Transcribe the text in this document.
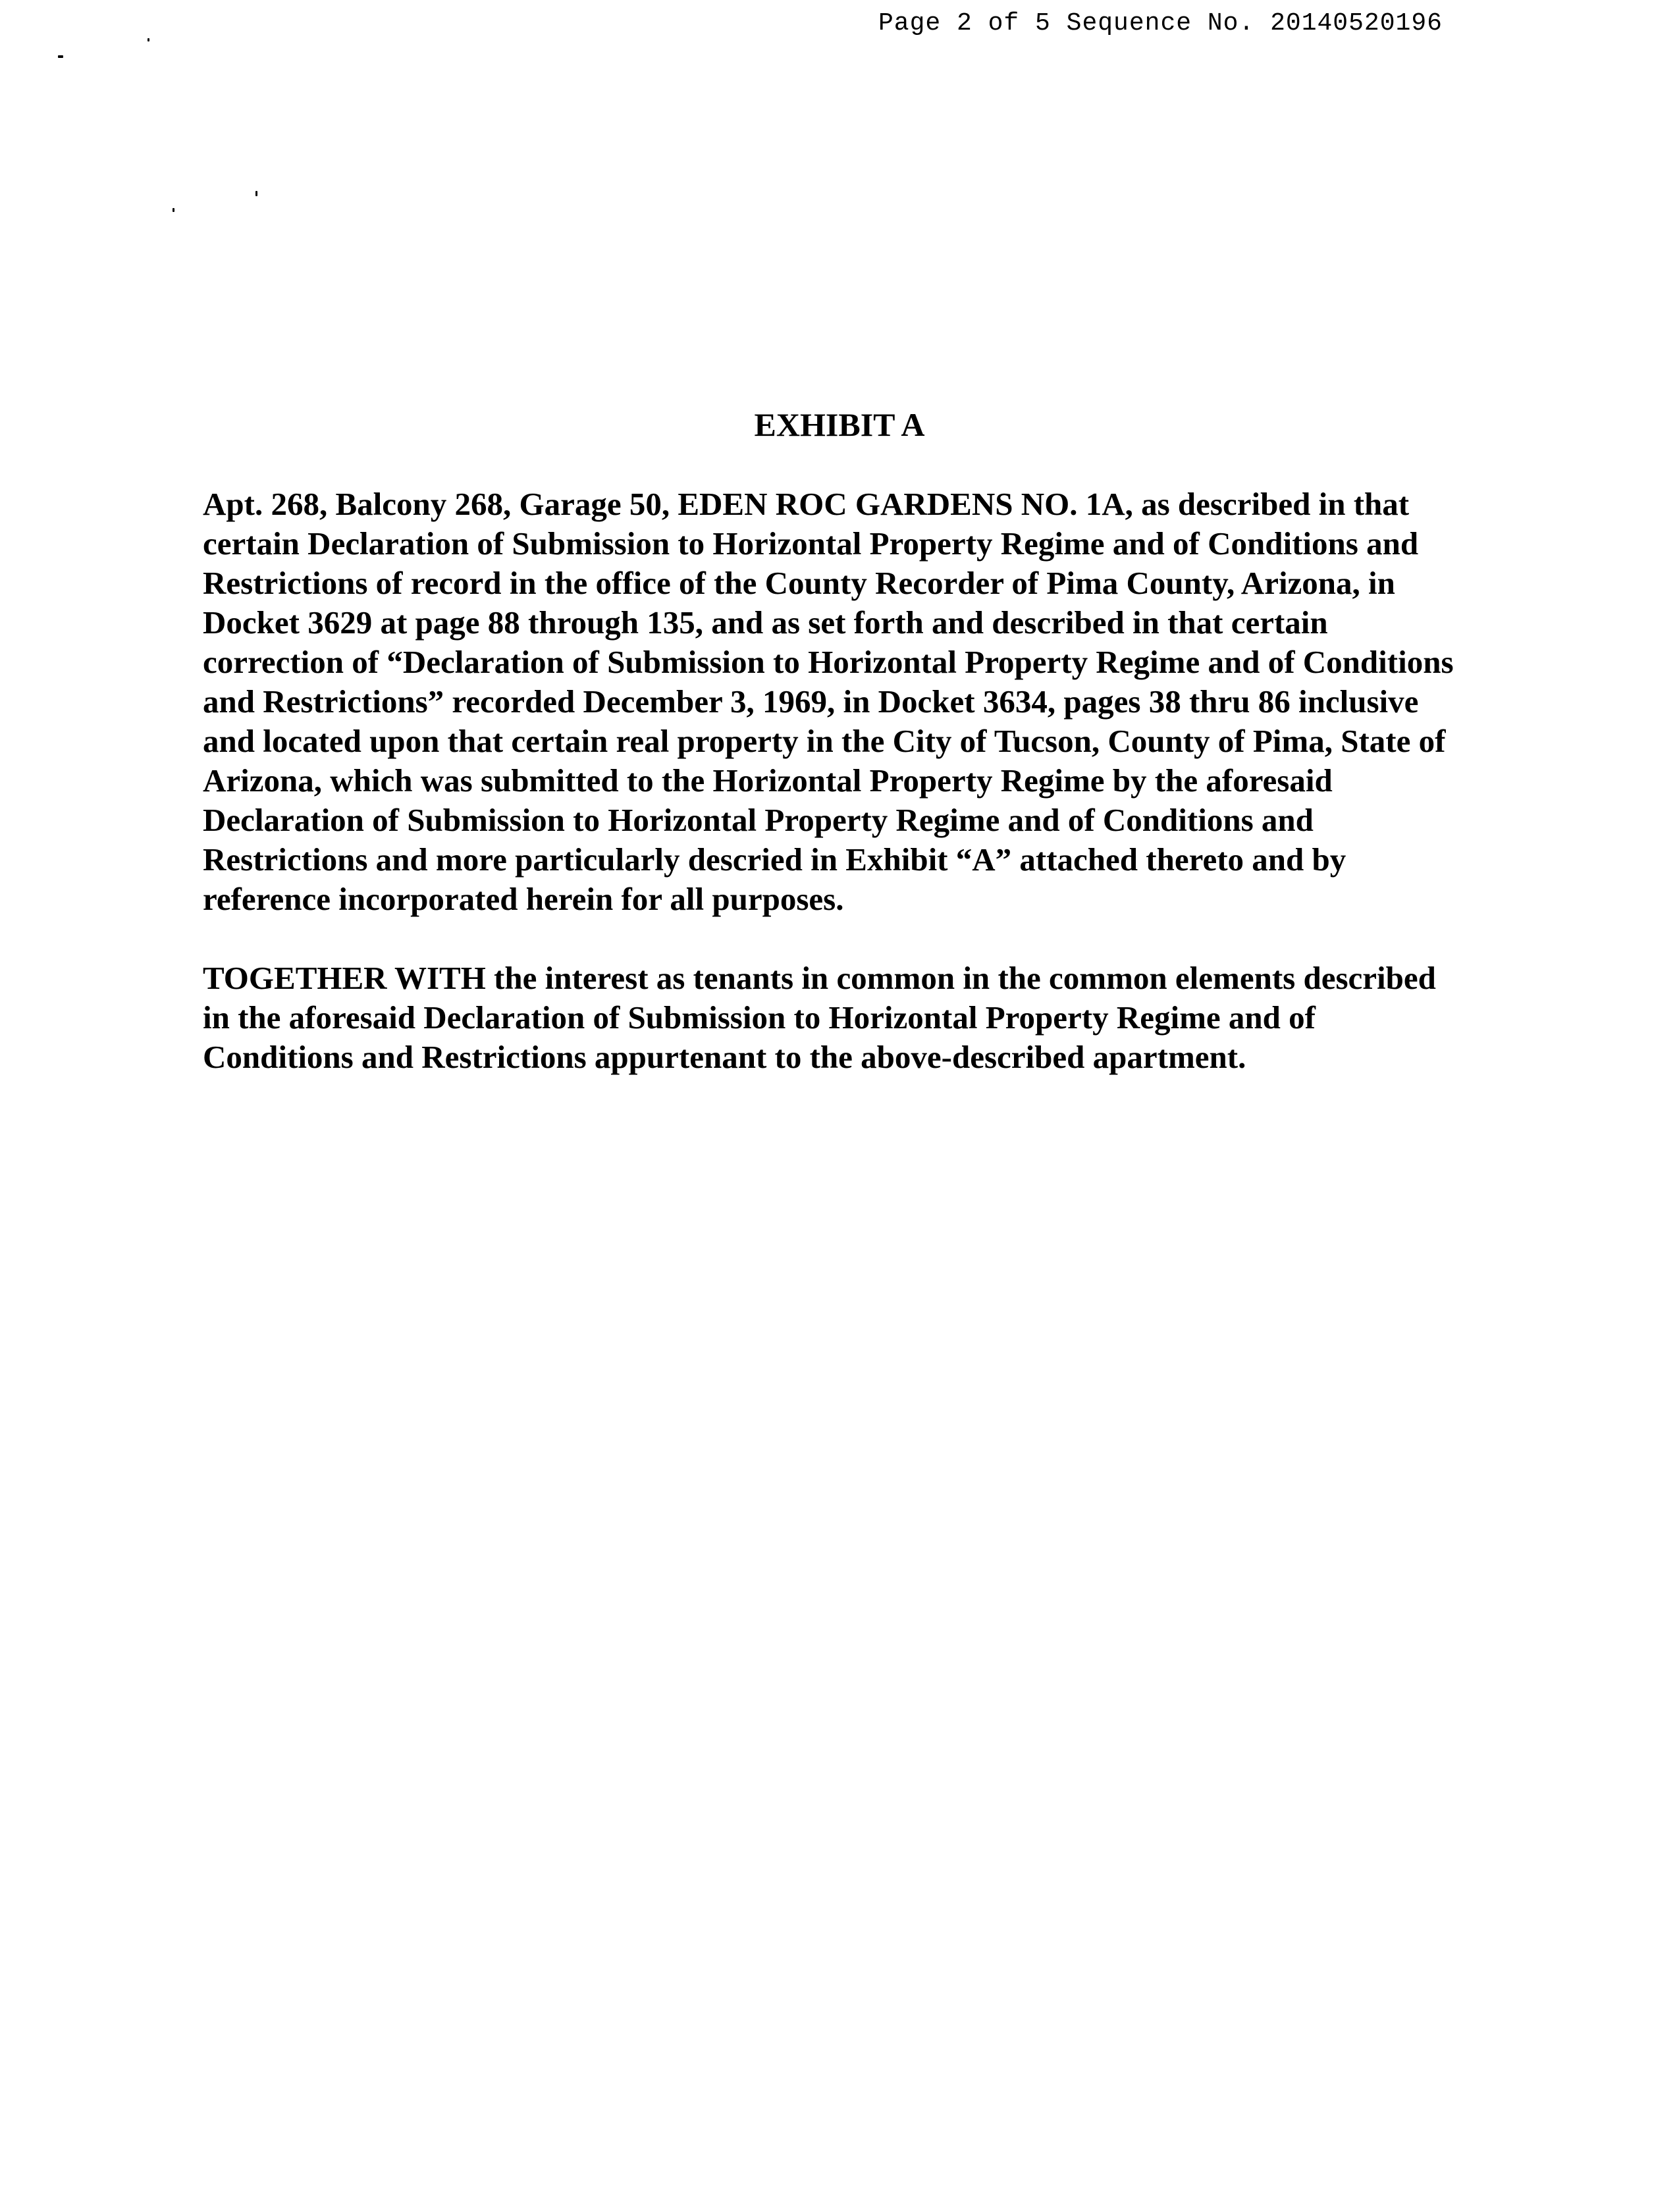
Page 2 of 5 Sequence No. 20140520196
EXHIBIT A
Apt. 268, Balcony 268, Garage 50, EDEN ROC GARDENS NO. 1A, as described in that
certain Declaration of Submission to Horizontal Property Regime and of Conditions and
Restrictions of record in the office of the County Recorder of Pima County, Arizona, in
Docket 3629 at page 88 through 135, and as set forth and described in that certain
correction of “Declaration of Submission to Horizontal Property Regime and of Conditions
and Restrictions” recorded December 3, 1969, in Docket 3634, pages 38 thru 86 inclusive
and located upon that certain real property in the City of Tucson, County of Pima, State of
Arizona, which was submitted to the Horizontal Property Regime by the aforesaid
Declaration of Submission to Horizontal Property Regime and of Conditions and
Restrictions and more particularly descried in Exhibit “A” attached thereto and by
reference incorporated herein for all purposes.
TOGETHER WITH the interest as tenants in common in the common elements described
in the aforesaid Declaration of Submission to Horizontal Property Regime and of
Conditions and Restrictions appurtenant to the above-described apartment.
